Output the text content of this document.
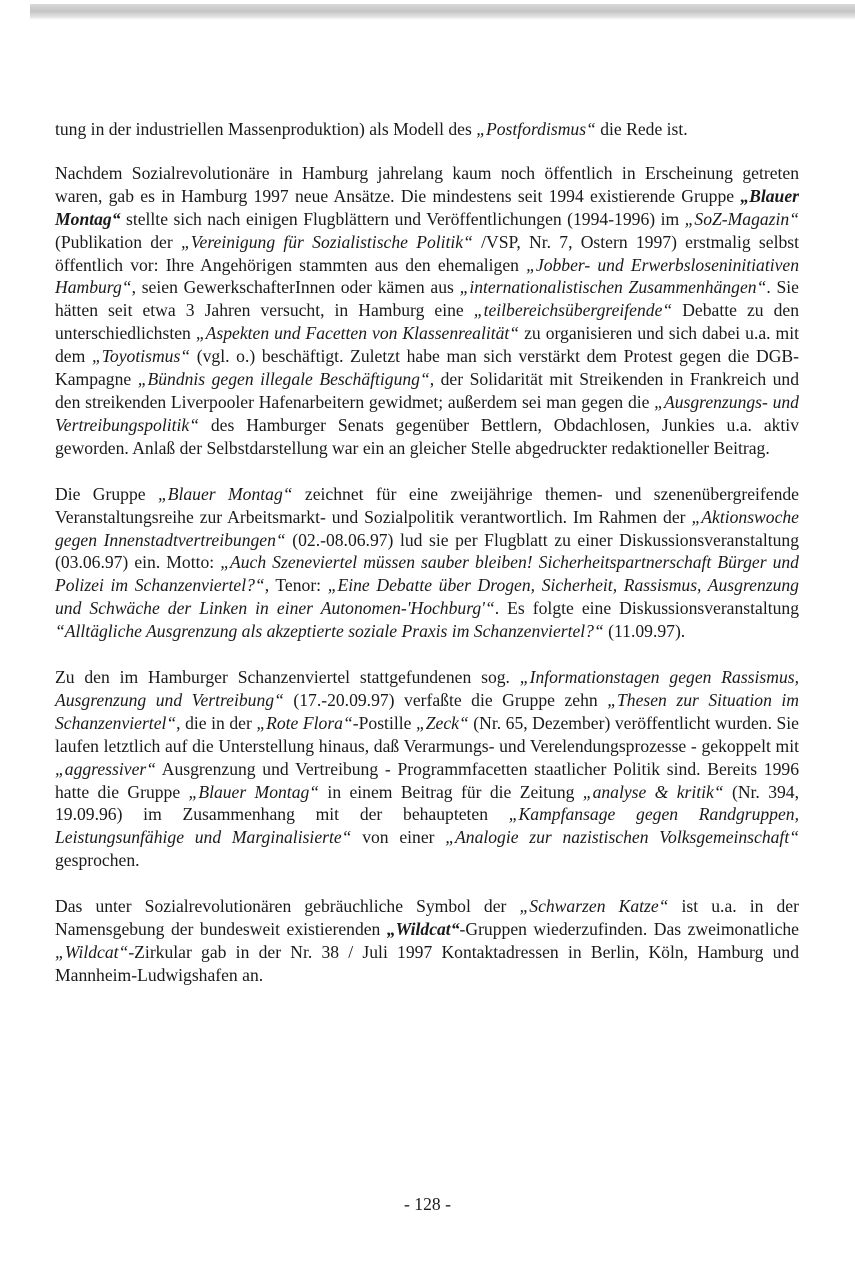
tung in der industriellen Massenproduktion) als Modell des „Postfordismus“ die Rede ist.

Nachdem Sozialrevolutionäre in Hamburg jahrelang kaum noch öffentlich in Erscheinung getreten waren, gab es in Hamburg 1997 neue Ansätze. Die mindestens seit 1994 existierende Gruppe „Blauer Montag“ stellte sich nach einigen Flugblättern und Veröffentlichungen (1994-1996) im „SoZ-Magazin“ (Publikation der „Vereinigung für Sozialistische Politik“ /VSP, Nr. 7, Ostern 1997) erstmalig selbst öffentlich vor: Ihre Angehörigen stammten aus den ehemaligen „Jobber- und Erwerbsloseninitiativen Hamburg“, seien GewerkschafterInnen oder kämen aus „internationalistischen Zusammenhängen“. Sie hätten seit etwa 3 Jahren versucht, in Hamburg eine „teilbereichsübergreifende“ Debatte zu den unterschiedlichsten „Aspekten und Facetten von Klassenrealität“ zu organisieren und sich dabei u.a. mit dem „Toyotismus“ (vgl. o.) beschäftigt. Zuletzt habe man sich verstärkt dem Protest gegen die DGB-Kampagne „Bündnis gegen illegale Beschäftigung“, der Solidarität mit Streikenden in Frankreich und den streikenden Liverpooler Hafenarbeitern gewidmet; außerdem sei man gegen die „Ausgrenzungs- und Vertreibungspolitik“ des Hamburger Senats gegenüber Bettlern, Obdachlosen, Junkies u.a. aktiv geworden. Anlaß der Selbstdarstellung war ein an gleicher Stelle abgedruckter redaktioneller Beitrag.

Die Gruppe „Blauer Montag“ zeichnet für eine zweijährige themen- und szenenübergreifende Veranstaltungsreihe zur Arbeitsmarkt- und Sozialpolitik verantwortlich. Im Rahmen der „Aktionswoche gegen Innenstadtvertreibungen“ (02.-08.06.97) lud sie per Flugblatt zu einer Diskussionsveranstaltung (03.06.97) ein. Motto: „Auch Szeneviertel müssen sauber bleiben! Sicherheitspartnerschaft Bürger und Polizei im Schanzenviertel?“, Tenor: „Eine Debatte über Drogen, Sicherheit, Rassismus, Ausgrenzung und Schwäche der Linken in einer Autonomen-'Hochburg'“. Es folgte eine Diskussionsveranstaltung “Alltägliche Ausgrenzung als akzeptierte soziale Praxis im Schanzenviertel?“ (11.09.97).

Zu den im Hamburger Schanzenviertel stattgefundenen sog. „Informationstagen gegen Rassismus, Ausgrenzung und Vertreibung“ (17.-20.09.97) verfaßte die Gruppe zehn „Thesen zur Situation im Schanzenviertel“, die in der „Rote Flora“-Postille „Zeck“ (Nr. 65, Dezember) veröffentlicht wurden. Sie laufen letztlich auf die Unterstellung hinaus, daß Verarmungs- und Verelendungsprozesse - gekoppelt mit „aggressiver“ Ausgrenzung und Vertreibung - Programmfacetten staatlicher Politik sind. Bereits 1996 hatte die Gruppe „Blauer Montag“ in einem Beitrag für die Zeitung „analyse & kritik“ (Nr. 394, 19.09.96) im Zusammenhang mit der behaupteten „Kampfansage gegen Randgruppen, Leistungsunfähige und Marginalisierte“ von einer „Analogie zur nazistischen Volksgemeinschaft“ gesprochen.

Das unter Sozialrevolutionären gebräuchliche Symbol der „Schwarzen Katze“ ist u.a. in der Namensgebung der bundesweit existierenden „Wildcat“-Gruppen wiederzufinden. Das zweimonatliche „Wildcat“-Zirkular gab in der Nr. 38 / Juli 1997 Kontaktadressen in Berlin, Köln, Hamburg und Mannheim-Ludwigshafen an.

- 128 -
